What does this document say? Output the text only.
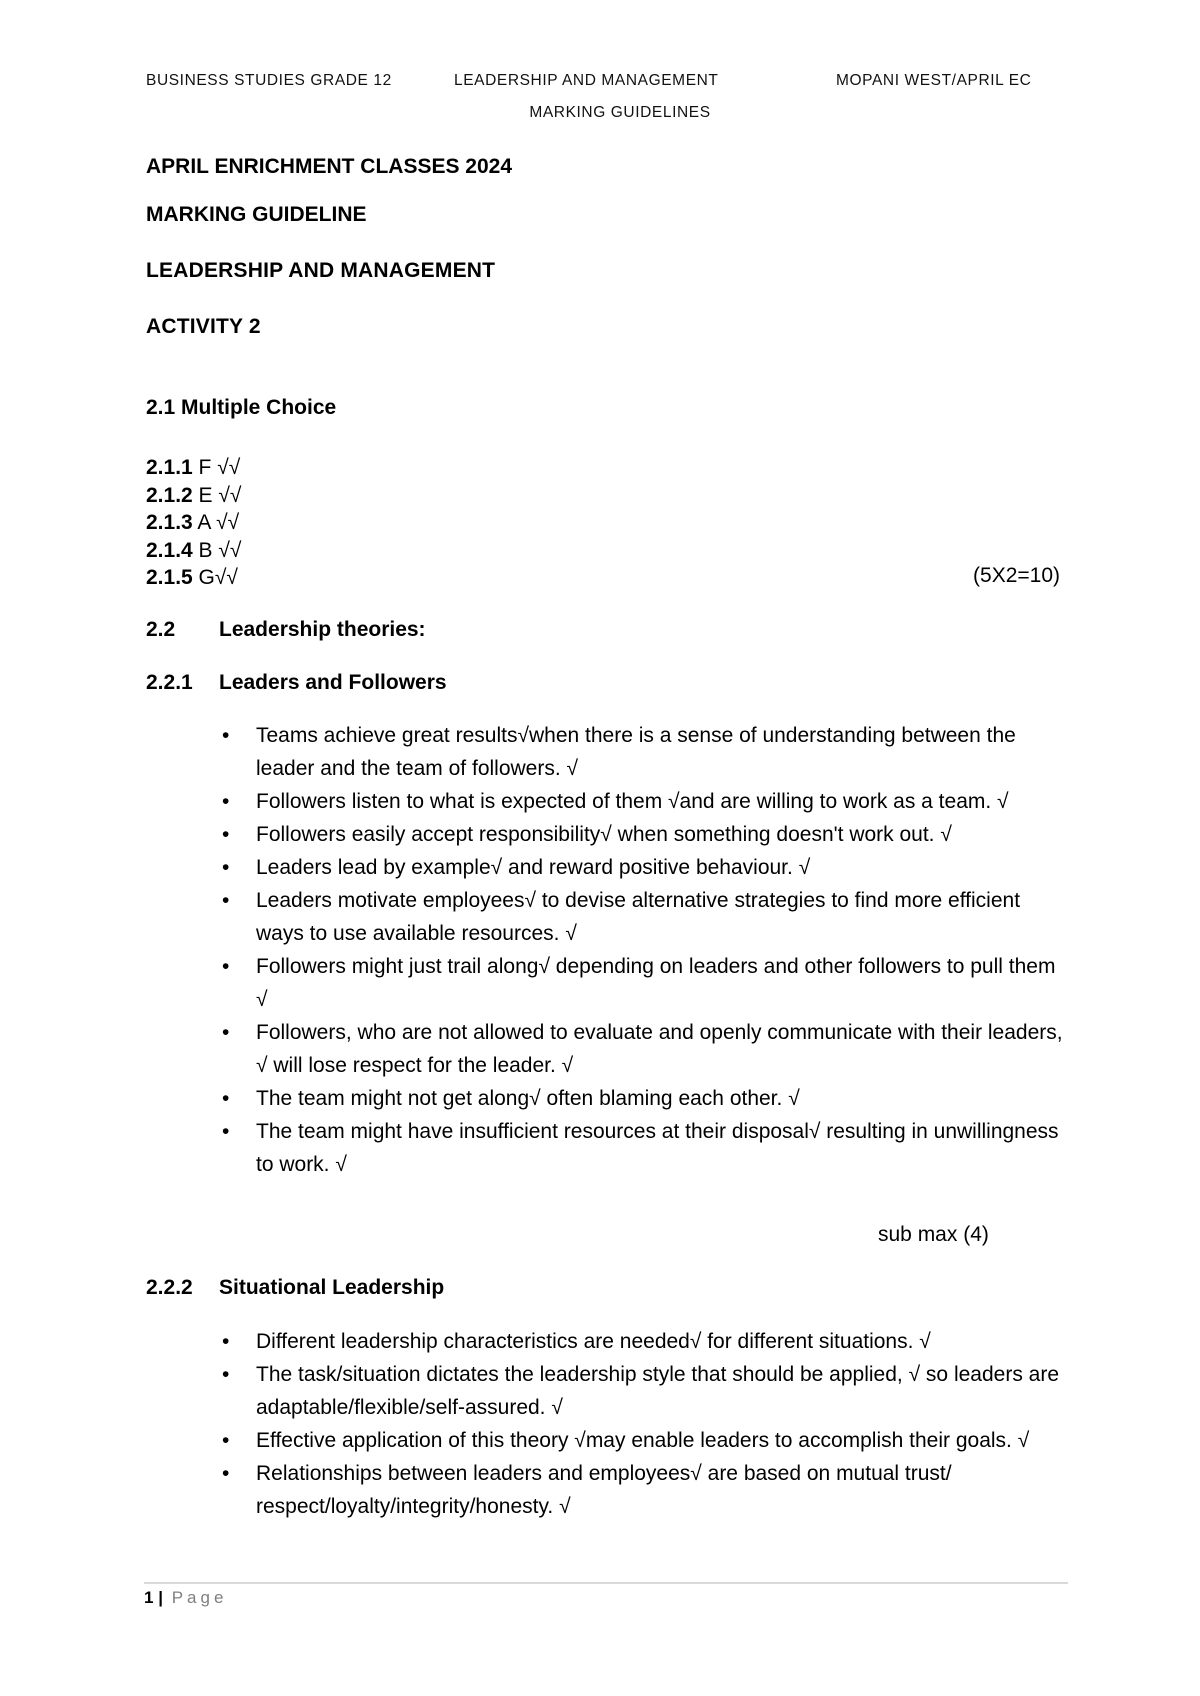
BUSINESS STUDIES GRADE 12	LEADERSHIP AND MANAGEMENT	MOPANI WEST/APRIL EC
MARKING GUIDELINES
APRIL ENRICHMENT CLASSES 2024
MARKING GUIDELINE
LEADERSHIP AND MANAGEMENT
ACTIVITY 2
2.1 Multiple Choice
2.1.1 F √√
2.1.2 E √√
2.1.3 A √√
2.1.4 B √√
2.1.5 G√√	(5X2=10)
2.2 Leadership theories:
2.2.1 Leaders and Followers
• Teams achieve great results√when there is a sense of understanding between the leader and the team of followers. √
• Followers listen to what is expected of them √and are willing to work as a team. √
• Followers easily accept responsibility√ when something doesn't work out. √
• Leaders lead by example√ and reward positive behaviour. √
• Leaders motivate employees√ to devise alternative strategies to find more efficient ways to use available resources. √
• Followers might just trail along√ depending on leaders and other followers to pull them √
• Followers, who are not allowed to evaluate and openly communicate with their leaders, √ will lose respect for the leader. √
• The team might not get along√ often blaming each other. √
• The team might have insufficient resources at their disposal√ resulting in unwillingness to work. √
sub max (4)
2.2.2 Situational Leadership
• Different leadership characteristics are needed√ for different situations. √
• The task/situation dictates the leadership style that should be applied, √ so leaders are adaptable/flexible/self-assured. √
• Effective application of this theory √may enable leaders to accomplish their goals. √
• Relationships between leaders and employees√ are based on mutual trust/ respect/loyalty/integrity/honesty. √
1 | Page
